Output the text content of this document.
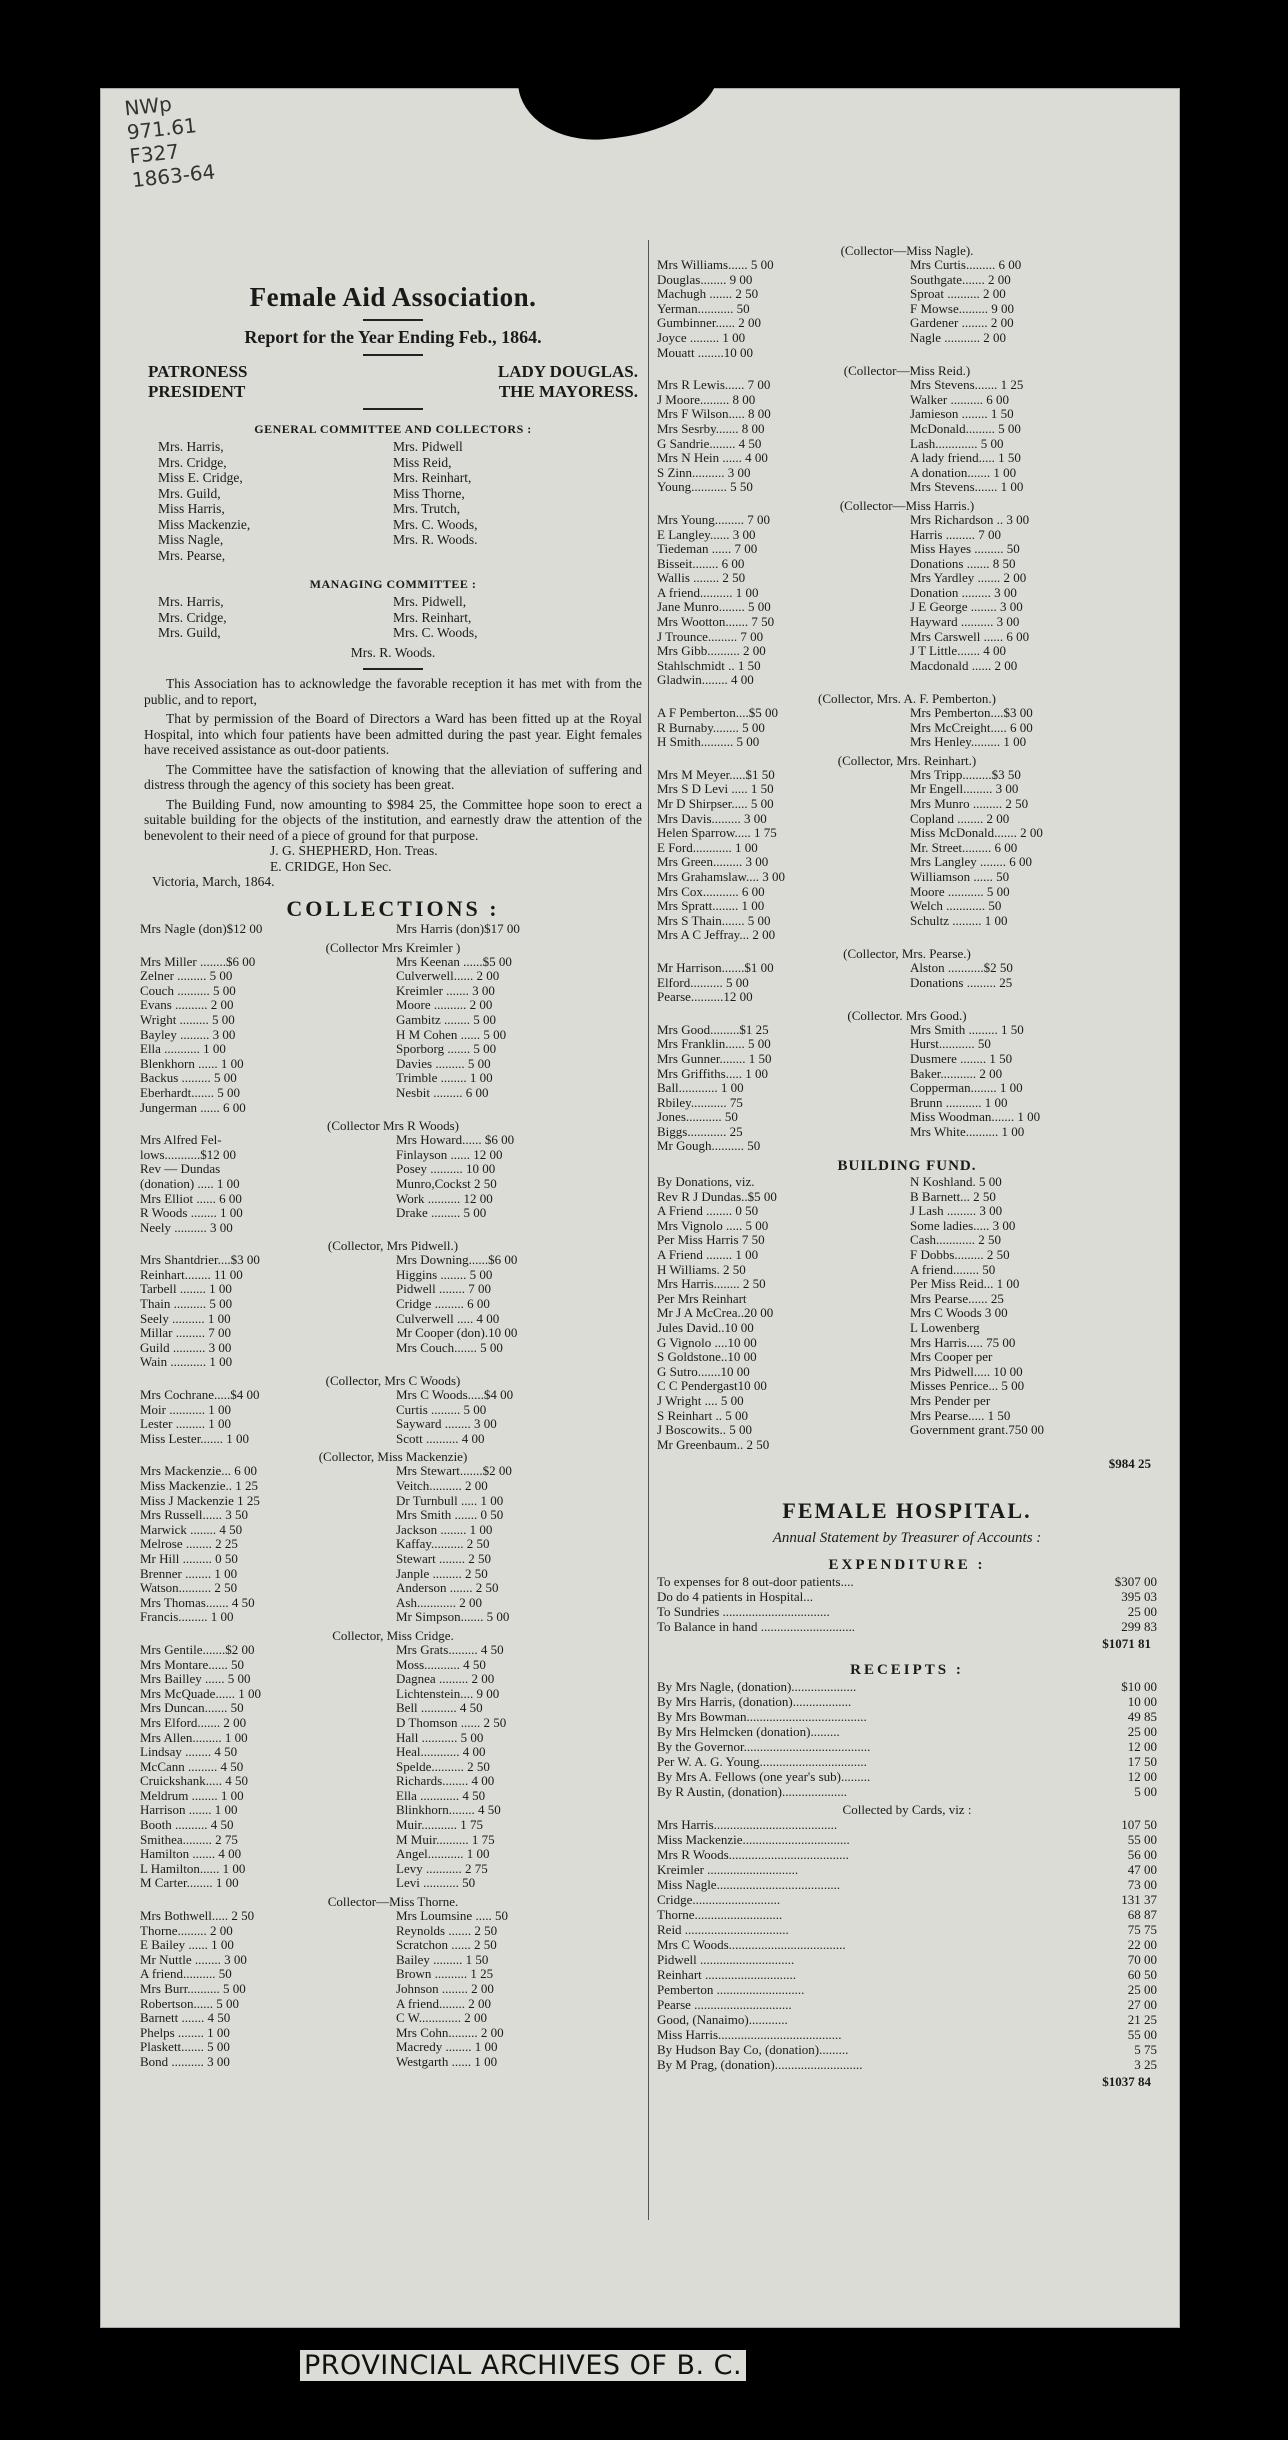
NWp
971.61
F327
1863-64
Female Aid Association.
Report for the Year Ending Feb., 1864.
PATRONESS	LADY DOUGLAS.
PRESIDENT	THE MAYORESS.
GENERAL COMMITTEE AND COLLECTORS :
Mrs. Harris,	Mrs. Pidwell
Mrs. Cridge,	Miss Reid,
Miss E. Cridge,	Mrs. Reinhart,
Mrs. Guild,	Miss Thorne,
Miss Harris,	Mrs. Trutch,
Miss Mackenzie,	Mrs. C. Woods,
Miss Nagle,	Mrs. R. Woods.
Mrs. Pearse,
MANAGING COMMITTEE :
Mrs. Harris,	Mrs. Pidwell,
Mrs. Cridge,	Mrs. Reinhart,
Mrs. Guild,	Mrs. C. Woods,
Mrs. R. Woods.
This Association has to acknowledge the favorable reception it has met with from the public, and to report,
That by permission of the Board of Directors a Ward has been fitted up at the Royal Hospital, into which four patients have been admitted during the past year. Eight females have received assistance as out-door patients.
The Committee have the satisfaction of knowing that the alleviation of suffering and distress through the agency of this society has been great.
The Building Fund, now amounting to $984 25, the Committee hope soon to erect a suitable building for the objects of the institution, and earnestly draw the attention of the benevolent to their need of a piece of ground for that purpose.
J. G. SHEPHERD, Hon. Treas.
E. CRIDGE, Hon Sec.
Victoria, March, 1864.
COLLECTIONS :
Mrs Nagle (don)$12 00	Mrs Harris (don)$17 00
(Collector Mrs Kreimler )
Mrs Miller ........$6 00	Mrs Keenan ......$5 00
Zelner ......... 5 00	Culverwell...... 2 00
Couch .......... 5 00	Kreimler ....... 3 00
Evans .......... 2 00	Moore .......... 2 00
Wright ......... 5 00	Gambitz ........ 5 00
Bayley ......... 3 00	H M Cohen ...... 5 00
Ella ........... 1 00	Sporborg ....... 5 00
Blenkhorn ...... 1 00	Davies ......... 5 00
Backus ......... 5 00	Trimble ........ 1 00
Eberhardt....... 5 00	Nesbit ......... 6 00
Jungerman ...... 6 00
(Collector Mrs R Woods)
Mrs Alfred Fel-	Mrs Howard...... $6 00
lows...........$12 00	Finlayson ...... 12 00
Rev — Dundas	Posey .......... 10 00
(donation) ..... 1 00	Munro,Cockst 2 50
Mrs Elliot ...... 6 00	Work .......... 12 00
R Woods ........ 1 00	Drake ......... 5 00
Neely .......... 3 00
(Collector, Mrs Pidwell.)
Mrs Shantdrier....$3 00	Mrs Downing......$6 00
Reinhart........ 11 00	Higgins ........ 5 00
Tarbell ........ 1 00	Pidwell ........ 7 00
Thain .......... 5 00	Cridge ......... 6 00
Seely .......... 1 00	Culverwell ..... 4 00
Millar ......... 7 00	Mr Cooper (don).10 00
Guild .......... 3 00	Mrs Couch....... 5 00
Wain ........... 1 00
(Collector, Mrs C Woods)
Mrs Cochrane.....$4 00	Mrs C Woods.....$4 00
Moir ........... 1 00	Curtis ......... 5 00
Lester ......... 1 00	Sayward ........ 3 00
Miss Lester....... 1 00	Scott .......... 4 00
(Collector, Miss Mackenzie)
Mrs Mackenzie... 6 00	Mrs Stewart.......$2 00
Miss Mackenzie.. 1 25	Veitch.......... 2 00
Miss J Mackenzie 1 25	Dr Turnbull ..... 1 00
Mrs Russell...... 3 50	Mrs Smith ....... 0 50
Marwick ........ 4 50	Jackson ........ 1 00
Melrose ........ 2 25	Kaffay.......... 2 50
Mr Hill ......... 0 50	Stewart ........ 2 50
Brenner ........ 1 00	Janple ......... 2 50
Watson.......... 2 50	Anderson ....... 2 50
Mrs Thomas....... 4 50	Ash............ 2 00
Francis......... 1 00	Mr Simpson....... 5 00
Collector, Miss Cridge.
Mrs Gentile.......$2 00	Mrs Grats......... 4 50
Mrs Montare...... 50	Moss........... 4 50
Mrs Bailley ...... 5 00	Dagnea ......... 2 00
Mrs McQuade...... 1 00	Lichtenstein.... 9 00
Mrs Duncan....... 50	Bell ........... 4 50
Mrs Elford....... 2 00	D Thomson ...... 2 50
Mrs Allen......... 1 00	Hall ........... 5 00
Lindsay ........ 4 50	Heal............ 4 00
McCann ......... 4 50	Spelde.......... 2 50
Cruickshank..... 4 50	Richards........ 4 00
Meldrum ........ 1 00	Ella ............ 4 50
Harrison ....... 1 00	Blinkhorn........ 4 50
Booth .......... 4 50	Muir........... 1 75
Smithea......... 2 75	M Muir.......... 1 75
Hamilton ....... 4 00	Angel........... 1 00
L Hamilton...... 1 00	Levy ........... 2 75
M Carter........ 1 00	Levi ........... 50
Collector—Miss Thorne.
Mrs Bothwell..... 2 50	Mrs Loumsine ..... 50
Thorne......... 2 00	Reynolds ....... 2 50
E Bailey ...... 1 00	Scratchon ...... 2 50
Mr Nuttle ........ 3 00	Bailey ......... 1 50
A friend.......... 50	Brown .......... 1 25
Mrs Burr.......... 5 00	Johnson ........ 2 00
Robertson...... 5 00	A friend........ 2 00
Barnett ....... 4 50	C W............. 2 00
Phelps ........ 1 00	Mrs Cohn......... 2 00
Plaskett....... 5 00	Macredy ........ 1 00
Bond .......... 3 00	Westgarth ...... 1 00
(Collector—Miss Nagle).
Mrs Williams...... 5 00	Mrs Curtis......... 6 00
Douglas........ 9 00	Southgate....... 2 00
Machugh ....... 2 50	Sproat .......... 2 00
Yerman........... 50	F Mowse......... 9 00
Gumbinner...... 2 00	Gardener ........ 2 00
Joyce ......... 1 00	Nagle ........... 2 00
Mouatt ........10 00
(Collector—Miss Reid.)
Mrs R Lewis...... 7 00	Mrs Stevens....... 1 25
J Moore......... 8 00	Walker .......... 6 00
Mrs F Wilson..... 8 00	Jamieson ........ 1 50
Mrs Sesrby....... 8 00	McDonald......... 5 00
G Sandrie........ 4 50	Lash............. 5 00
Mrs N Hein ...... 4 00	A lady friend..... 1 50
S Zinn.......... 3 00	A donation....... 1 00
Young........... 5 50	Mrs Stevens....... 1 00
(Collector—Miss Harris.)
Mrs Young......... 7 00	Mrs Richardson .. 3 00
E Langley...... 3 00	Harris ......... 7 00
Tiedeman ...... 7 00	Miss Hayes ......... 50
Bisseit........ 6 00	Donations ....... 8 50
Wallis ........ 2 50	Mrs Yardley ....... 2 00
A friend.......... 1 00	Donation ......... 3 00
Jane Munro........ 5 00	J E George ........ 3 00
Mrs Wootton....... 7 50	Hayward .......... 3 00
J Trounce......... 7 00	Mrs Carswell ...... 6 00
Mrs Gibb.......... 2 00	J T Little....... 4 00
Stahlschmidt .. 1 50	Macdonald ...... 2 00
Gladwin........ 4 00
(Collector, Mrs. A. F. Pemberton.)
A F Pemberton....$5 00	Mrs Pemberton....$3 00
R Burnaby........ 5 00	Mrs McCreight..... 6 00
H Smith.......... 5 00	Mrs Henley......... 1 00
(Collector, Mrs. Reinhart.)
Mrs M Meyer.....$1 50	Mrs Tripp.........$3 50
Mrs S D Levi ..... 1 50	Mr Engell......... 3 00
Mr D Shirpser..... 5 00	Mrs Munro ......... 2 50
Mrs Davis......... 3 00	Copland ........ 2 00
Helen Sparrow..... 1 75	Miss McDonald....... 2 00
E Ford............ 1 00	Mr. Street......... 6 00
Mrs Green......... 3 00	Mrs Langley ........ 6 00
Mrs Grahamslaw.... 3 00	Williamson ...... 50
Mrs Cox........... 6 00	Moore ........... 5 00
Mrs Spratt........ 1 00	Welch ............ 50
Mrs S Thain....... 5 00	Schultz ......... 1 00
Mrs A C Jeffray... 2 00
(Collector, Mrs. Pearse.)
Mr Harrison.......$1 00	Alston ...........$2 50
Elford.......... 5 00	Donations ......... 25
Pearse..........12 00
(Collector. Mrs Good.)
Mrs Good.........$1 25	Mrs Smith ......... 1 50
Mrs Franklin...... 5 00	Hurst........... 50
Mrs Gunner........ 1 50	Dusmere ........ 1 50
Mrs Griffiths..... 1 00	Baker........... 2 00
Ball............ 1 00	Copperman........ 1 00
Rbiley........... 75	Brunn ........... 1 00
Jones........... 50	Miss Woodman....... 1 00
Biggs............ 25	Mrs White.......... 1 00
Mr Gough.......... 50
BUILDING FUND.
By Donations, viz.	N Koshland. 5 00
Rev R J Dundas..$5 00	B Barnett... 2 50
A Friend ........ 0 50	J Lash ......... 3 00
Mrs Vignolo ..... 5 00	Some ladies..... 3 00
Per Miss Harris 7 50	Cash............ 2 50
A Friend ........ 1 00	F Dobbs......... 2 50
H Williams. 2 50	A friend........ 50
Mrs Harris........ 2 50	Per Miss Reid... 1 00
Per Mrs Reinhart	Mrs Pearse...... 25
Mr J A McCrea..20 00	Mrs C Woods 3 00
Jules David..10 00	L Lowenberg
G Vignolo ....10 00	Mrs Harris..... 75 00
S Goldstone..10 00	Mrs Cooper per
G Sutro.......10 00	Mrs Pidwell..... 10 00
C C Pendergast10 00	Misses Penrice... 5 00
J Wright .... 5 00	Mrs Pender per
S Reinhart .. 5 00	Mrs Pearse..... 1 50
J Boscowits.. 5 00	Government grant.750 00
Mr Greenbaum.. 2 50
$984 25
FEMALE HOSPITAL.
Annual Statement by Treasurer of Accounts :
EXPENDITURE :
To expenses for 8 out-door patients....	$307 00
Do do 4 patients in Hospital...	395 03
To Sundries .................................	25 00
To Balance in hand .............................	299 83
$1071 81
RECEIPTS :
By Mrs Nagle, (donation)....................	$10 00
By Mrs Harris, (donation)..................	10 00
By Mrs Bowman.....................................	49 85
By Mrs Helmcken (donation).........	25 00
By the Governor.......................................	12 00
Per W. A. G. Young.................................	17 50
By Mrs A. Fellows (one year's sub).........	12 00
By R Austin, (donation)....................	5 00
Collected by Cards, viz :
Mrs Harris......................................	107 50
Miss Mackenzie.................................	55 00
Mrs R Woods.....................................	56 00
Kreimler ............................	47 00
Miss Nagle......................................	73 00
Cridge...........................	131 37
Thorne...........................	68 87
Reid ................................	75 75
Mrs C Woods....................................	22 00
Pidwell .............................	70 00
Reinhart ............................	60 50
Pemberton ...........................	25 00
Pearse ..............................	27 00
Good, (Nanaimo)............	21 25
Miss Harris......................................	55 00
By Hudson Bay Co, (donation).........	5 75
By M Prag, (donation)...........................	3 25
$1037 84
PROVINCIAL ARCHIVES OF B. C.
